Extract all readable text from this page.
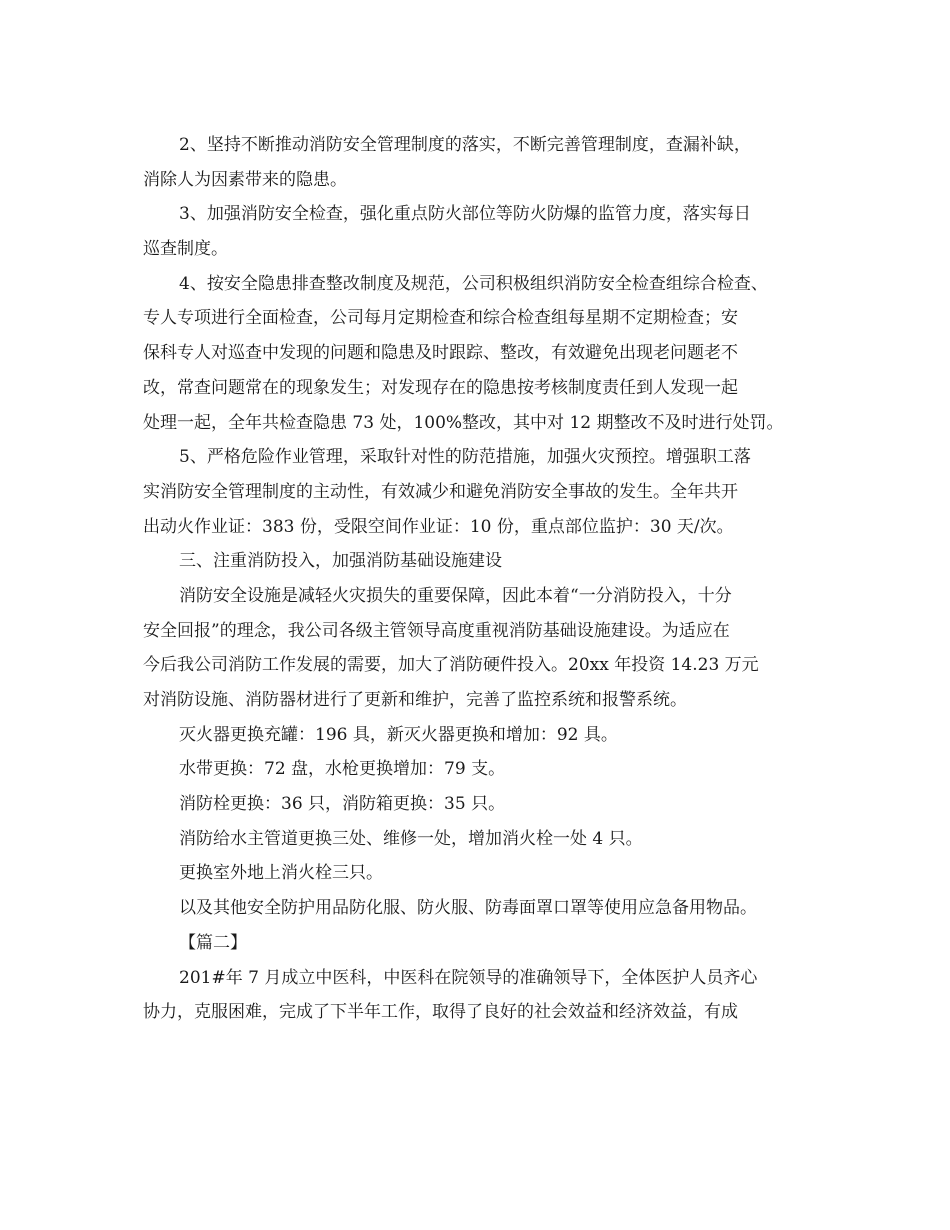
2、坚持不断推动消防安全管理制度的落实，不断完善管理制度，查漏补缺，
消除人为因素带来的隐患。
3、加强消防安全检查，强化重点防火部位等防火防爆的监管力度，落实每日
巡查制度。
4、按安全隐患排查整改制度及规范，公司积极组织消防安全检查组综合检查、
专人专项进行全面检查，公司每月定期检查和综合检查组每星期不定期检查；安
保科专人对巡查中发现的问题和隐患及时跟踪、整改，有效避免出现老问题老不
改，常查问题常在的现象发生；对发现存在的隐患按考核制度责任到人发现一起
处理一起，全年共检查隐患 73 处，100%整改，其中对 12 期整改不及时进行处罚。
5、严格危险作业管理，采取针对性的防范措施，加强火灾预控。增强职工落
实消防安全管理制度的主动性，有效减少和避免消防安全事故的发生。全年共开
出动火作业证：383 份，受限空间作业证：10 份，重点部位监护：30 天/次。
三、注重消防投入，加强消防基础设施建设
消防安全设施是减轻火灾损失的重要保障，因此本着“一分消防投入，十分
安全回报”的理念，我公司各级主管领导高度重视消防基础设施建设。为适应在
今后我公司消防工作发展的需要，加大了消防硬件投入。20xx 年投资 14.23 万元
对消防设施、消防器材进行了更新和维护，完善了监控系统和报警系统。
灭火器更换充罐：196 具，新灭火器更换和增加：92 具。
水带更换：72 盘，水枪更换增加：79 支。
消防栓更换：36 只，消防箱更换：35 只。
消防给水主管道更换三处、维修一处，增加消火栓一处 4 只。
更换室外地上消火栓三只。
以及其他安全防护用品防化服、防火服、防毒面罩口罩等使用应急备用物品。
【篇二】
201#年 7 月成立中医科，中医科在院领导的准确领导下，全体医护人员齐心
协力，克服困难，完成了下半年工作，取得了良好的社会效益和经济效益，有成
